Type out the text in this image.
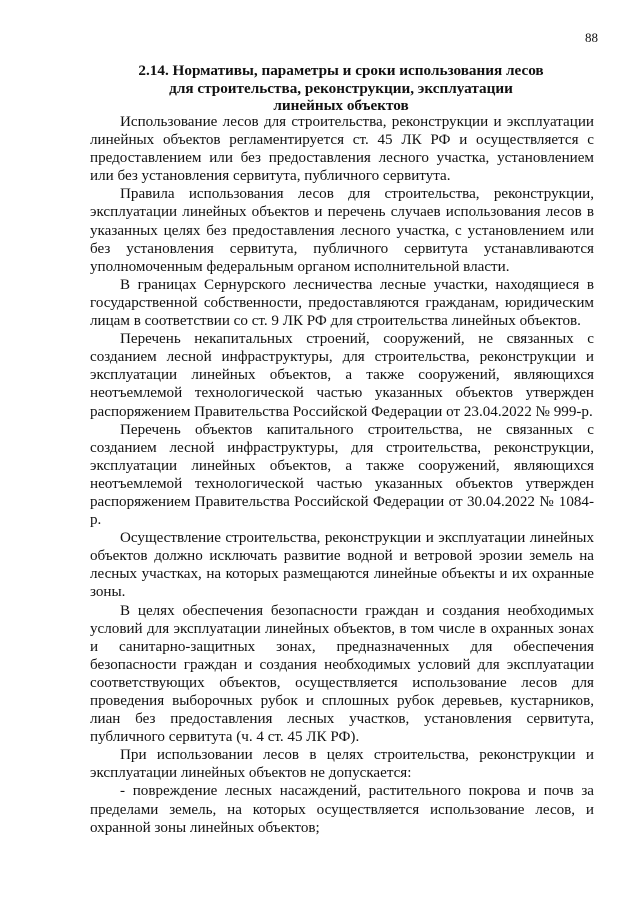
88
2.14. Нормативы, параметры и сроки использования лесов
для строительства, реконструкции, эксплуатации
линейных объектов

Использование лесов для строительства, реконструкции и эксплуатации линейных объектов регламентируется ст. 45 ЛК РФ и осуществляется с предоставлением или без предоставления лесного участка, установлением или без установления сервитута, публичного сервитута.

Правила использования лесов для строительства, реконструкции, эксплуатации линейных объектов и перечень случаев использования лесов в указанных целях без предоставления лесного участка, с установлением или без установления сервитута, публичного сервитута устанавливаются уполномоченным федеральным органом исполнительной власти.

В границах Сернурского лесничества лесные участки, находящиеся в государственной собственности, предоставляются гражданам, юридическим лицам в соответствии со ст. 9 ЛК РФ для строительства линейных объектов.

Перечень некапитальных строений, сооружений, не связанных с созданием лесной инфраструктуры, для строительства, реконструкции и эксплуатации линейных объектов, а также сооружений, являющихся неотъемлемой технологической частью указанных объектов утвержден распоряжением Правительства Российской Федерации от 23.04.2022 № 999-р.

Перечень объектов капитального строительства, не связанных с созданием лесной инфраструктуры, для строительства, реконструкции, эксплуатации линейных объектов, а также сооружений, являющихся неотъемлемой технологической частью указанных объектов утвержден распоряжением Правительства Российской Федерации от 30.04.2022 № 1084-р.

Осуществление строительства, реконструкции и эксплуатации линейных объектов должно исключать развитие водной и ветровой эрозии земель на лесных участках, на которых размещаются линейные объекты и их охранные зоны.

В целях обеспечения безопасности граждан и создания необходимых условий для эксплуатации линейных объектов, в том числе в охранных зонах и санитарно-защитных зонах, предназначенных для обеспечения безопасности граждан и создания необходимых условий для эксплуатации соответствующих объектов, осуществляется использование лесов для проведения выборочных рубок и сплошных рубок деревьев, кустарников, лиан без предоставления лесных участков, установления сервитута, публичного сервитута (ч. 4 ст. 45 ЛК РФ).

При использовании лесов в целях строительства, реконструкции и эксплуатации линейных объектов не допускается:

- повреждение лесных насаждений, растительного покрова и почв за пределами земель, на которых осуществляется использование лесов, и охранной зоны линейных объектов;
